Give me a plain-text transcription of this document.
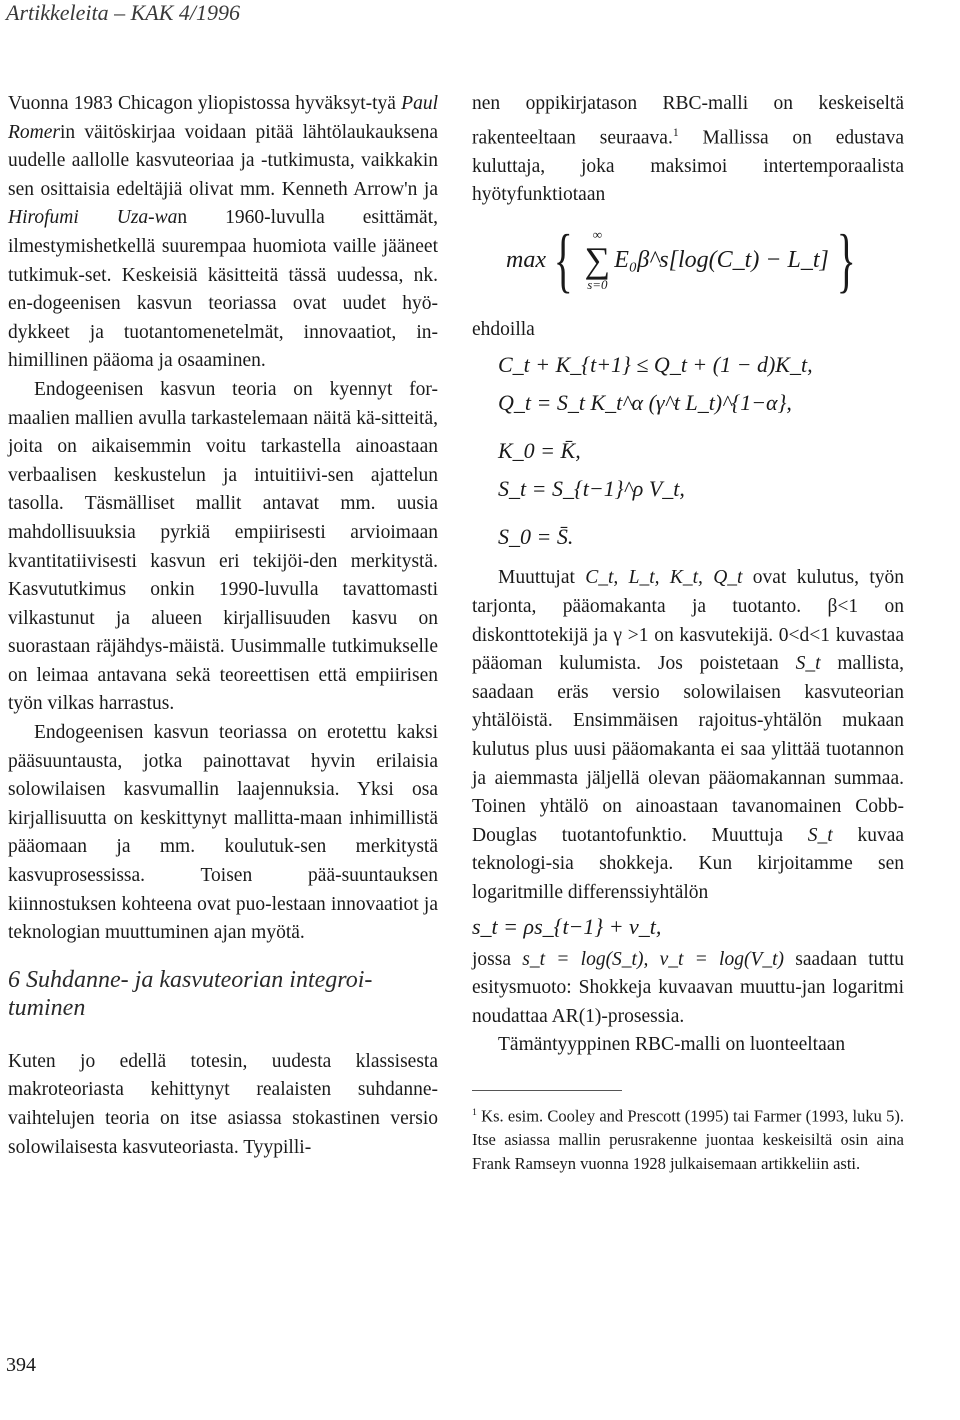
Artikkeleita – KAK 4/1996

Vuonna 1983 Chicagon yliopistossa hyväksyt-tyä Paul Romerin väitöskirjaa voidaan pitää lähtölaukauksena uudelle aallolle kasvuteoriaa ja -tutkimusta, vaikkakin sen osittaisia edeltäjiä olivat mm. Kenneth Arrow'n ja Hirofumi Uza-wan 1960-luvulla esittämät, ilmestymishetkellä suurempaa huomiota vaille jääneet tutkimuk-set. Keskeisiä käsitteitä tässä uudessa, nk. en-dogeenisen kasvun teoriassa ovat uudet hyö-dykkeet ja tuotantomenetelmät, innovaatiot, in-himillinen pääoma ja osaaminen.

Endogeenisen kasvun teoria on kyennyt for-maalien mallien avulla tarkastelemaan näitä kä-sitteitä, joita on aikaisemmin voitu tarkastella ainoastaan verbaalisen keskustelun ja intuitiivi-sen ajattelun tasolla. Täsmälliset mallit antavat mm. uusia mahdollisuuksia pyrkiä empiirisesti arvioimaan kvantitatiivisesti kasvun eri tekijöi-den merkitystä. Kasvututkimus onkin 1990-luvulla tavattomasti vilkastunut ja alueen kirjallisuuden kasvu on suorastaan räjähdys-mäistä. Uusimmalle tutkimukselle on leimaa antavana sekä teoreettisen että empiirisen työn vilkas harrastus.

Endogeenisen kasvun teoriassa on erotettu kaksi pääsuuntausta, jotka painottavat hyvin erilaisia solowilaisen kasvumallin laajennuksia. Yksi osa kirjallisuutta on keskittynyt mallitta-maan inhimillistä pääomaan ja mm. koulutuk-sen merkitystä kasvuprosessissa. Toisen pää-suuntauksen kiinnostuksen kohteena ovat puo-lestaan innovaatiot ja teknologian muuttuminen ajan myötä.

6 Suhdanne- ja kasvuteorian integroi-tuminen

Kuten jo edellä totesin, uudesta klassisesta makroteoriasta kehittynyt realaisten suhdanne-vaihtelujen teoria on itse asiassa stokastinen versio solowilaisesta kasvuteoriasta. Tyypilli-

nen oppikirjatason RBC-malli on keskeiseltä rakenteeltaan seuraava.$^1$ Mallissa on edustava kuluttaja, joka maksimoi intertemporaalista hyötyfunktiotaan

max { ∞
∑
s=0
E₀β^s[log(C_t) − L_t] }
ehdoilla
C_t + K_{t+1} ≤ Q_t + (1 − d)K_t,
Q_t = S_t K_t^α (γ^t L_t)^{1−α},
K_0 = K̄,
S_t = S_{t−1}^ρ V_t,
S_0 = S̄.

Muuttujat C_t, L_t, K_t, Q_t ovat kulutus, työn tarjonta, pääomakanta ja tuotanto. β<1 on diskonttotekijä ja γ >1 on kasvutekijä. 0<d<1 kuvastaa pääoman kulumista. Jos poistetaan S_t mallista, saadaan eräs versio solowilaisen kasvuteorian yhtälöistä. Ensimmäisen rajoitus-yhtälön mukaan kulutus plus uusi pääomakanta ei saa ylittää tuotannon ja aiemmasta jäljellä olevan pääomakannan summaa. Toinen yhtälö on ainoastaan tavanomainen Cobb-Douglas tuotantofunktio. Muuttuja S_t kuvaa teknologi-sia shokkeja. Kun kirjoitamme sen logaritmille differenssiyhtälön

s_t = ρs_{t−1} + v_t,

jossa s_t = log(S_t), v_t = log(V_t) saadaan tuttu esitysmuoto: Shokkeja kuvaavan muuttu-jan logaritmi noudattaa AR(1)-prosessia.

Tämäntyyppinen RBC-malli on luonteeltaan

$^1$ Ks. esim. Cooley and Prescott (1995) tai Farmer (1993, luku 5). Itse asiassa mallin perusrakenne juontaa keskeisiltä osin aina Frank Ramseyn vuonna 1928 julkaisemaan artikkeliin asti.
394
